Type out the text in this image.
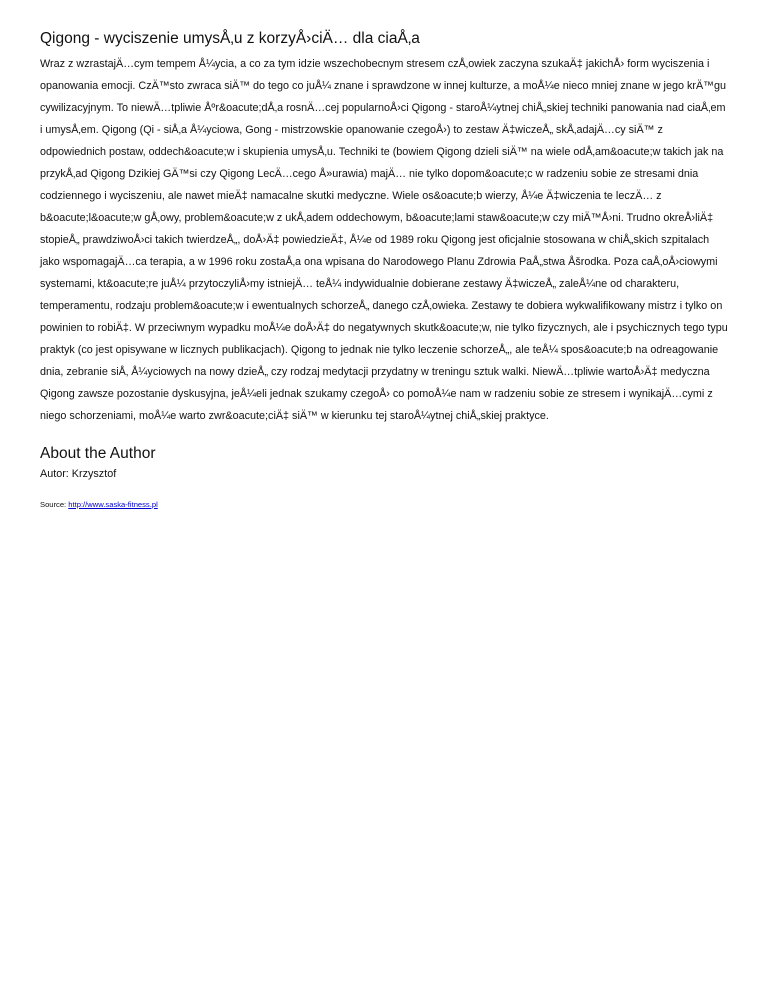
Qigong - wyciszenie umysÅ‚u z korzyÅ›ciÄ… dla ciaÅ‚a

Wraz z wzrastajÄ…cym tempem Å¼ycia, a co za tym idzie wszechobecnym stresem czÅ‚owiek zaczyna szukaÄ‡ jakichÅ› form wyciszenia i opanowania emocji. CzÄ™sto zwraca siÄ™ do tego co juÅ¼ znane i sprawdzone w innej kulturze, a moÅ¼e nieco mniej znane w jego krÄ™gu cywilizacyjnym. To niewÄ…tpliwie Åºr&oacute;dÅ‚a rosnÄ…cej popularnoÅ›ci Qigong - staroÅ¼ytnej chiÅ„skiej techniki panowania nad ciaÅ‚em i umysÅ‚em. Qigong (Qi - siÅ‚a Å¼yciowa, Gong - mistrzowskie opanowanie czegoÅ›) to zestaw Ä‡wiczeÅ„ skÅ‚adajÄ…cy siÄ™ z odpowiednich postaw, oddech&oacute;w i skupienia umysÅ‚u. Techniki te (bowiem Qigong dzieli siÄ™ na wiele odÅ‚am&oacute;w takich jak na przykÅ‚ad Qigong Dzikiej GÄ™si czy Qigong LecÄ…cego Å»urawia) majÄ… nie tylko dopom&oacute;c w radzeniu sobie ze stresami dnia codziennego i wyciszeniu, ale nawet mieÄ‡ namacalne skutki medyczne. Wiele os&oacute;b wierzy, Å¼e Ä‡wiczenia te leczÄ… z b&oacute;l&oacute;w gÅ‚owy, problem&oacute;w z ukÅ‚adem oddechowym, b&oacute;lami staw&oacute;w czy miÄ™Å›ni. Trudno okreÅ›liÄ‡ stopieÅ„ prawdziwoÅ›ci takich twierdzeÅ„, doÅ›Ä‡ powiedzieÄ‡, Å¼e od 1989 roku Qigong jest oficjalnie stosowana w chiÅ„skich szpitalach jako wspomagajÄ…ca terapia, a w 1996 roku zostaÅ‚a ona wpisana do Narodowego Planu Zdrowia PaÅ„stwa Åšrodka. Poza caÅ‚oÅ›ciowymi systemami, kt&oacute;re juÅ¼ przytoczyliÅ›my istniejÄ… teÅ¼ indywidualnie dobierane zestawy Ä‡wiczeÅ„ zaleÅ¼ne od charakteru, temperamentu, rodzaju problem&oacute;w i ewentualnych schorzeÅ„ danego czÅ‚owieka. Zestawy te dobiera wykwalifikowany mistrz i tylko on powinien to robiÄ‡. W przeciwnym wypadku moÅ¼e doÅ›Ä‡ do negatywnych skutk&oacute;w, nie tylko fizycznych, ale i psychicznych tego typu praktyk (co jest opisywane w licznych publikacjach). Qigong to jednak nie tylko leczenie schorzeÅ„, ale teÅ¼ spos&oacute;b na odreagowanie dnia, zebranie siÅ‚ Å¼yciowych na nowy dzieÅ„ czy rodzaj medytacji przydatny w treningu sztuk walki. NiewÄ…tpliwie wartoÅ›Ä‡ medyczna Qigong zawsze pozostanie dyskusyjna, jeÅ¼eli jednak szukamy czegoÅ› co pomoÅ¼e nam w radzeniu sobie ze stresem i wynikajÄ…cymi z niego schorzeniami, moÅ¼e warto zwr&oacute;ciÄ‡ siÄ™ w kierunku tej staroÅ¼ytnej chiÅ„skiej praktyce.

About the Author

Autor: Krzysztof

Source: http://www.saska-fitness.pl
